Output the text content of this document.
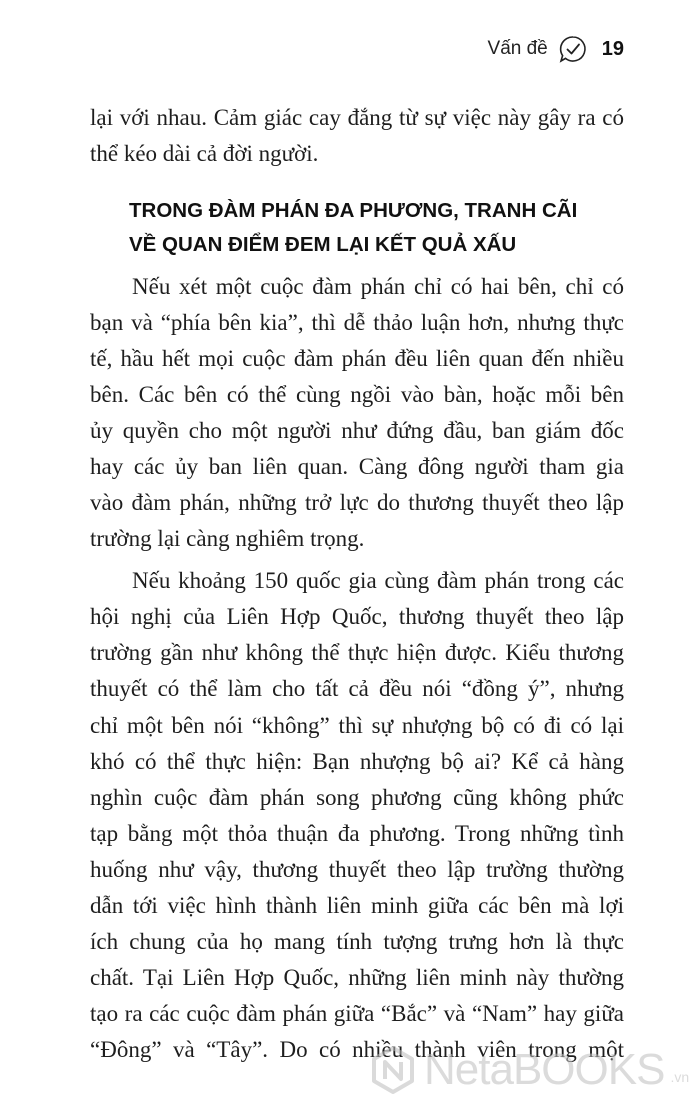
Vấn đề	19
lại với nhau. Cảm giác cay đắng từ sự việc này gây ra có
thể kéo dài cả đời người.
TRONG ĐÀM PHÁN ĐA PHƯƠNG, TRANH CÃI
VỀ QUAN ĐIỂM ĐEM LẠI KẾT QUẢ XẤU
Nếu xét một cuộc đàm phán chỉ có hai bên, chỉ có
bạn và “phía bên kia”, thì dễ thảo luận hơn, nhưng thực
tế, hầu hết mọi cuộc đàm phán đều liên quan đến nhiều
bên. Các bên có thể cùng ngồi vào bàn, hoặc mỗi bên
ủy quyền cho một người như đứng đầu, ban giám đốc
hay các ủy ban liên quan. Càng đông người tham gia
vào đàm phán, những trở lực do thương thuyết theo lập
trường lại càng nghiêm trọng.
Nếu khoảng 150 quốc gia cùng đàm phán trong các
hội nghị của Liên Hợp Quốc, thương thuyết theo lập
trường gần như không thể thực hiện được. Kiểu thương
thuyết có thể làm cho tất cả đều nói “đồng ý”, nhưng
chỉ một bên nói “không” thì sự nhượng bộ có đi có lại
khó có thể thực hiện: Bạn nhượng bộ ai? Kể cả hàng
nghìn cuộc đàm phán song phương cũng không phức
tạp bằng một thỏa thuận đa phương. Trong những tình
huống như vậy, thương thuyết theo lập trường thường
dẫn tới việc hình thành liên minh giữa các bên mà lợi
ích chung của họ mang tính tượng trưng hơn là thực
chất. Tại Liên Hợp Quốc, những liên minh này thường
tạo ra các cuộc đàm phán giữa “Bắc” và “Nam” hay giữa
“Đông” và “Tây”. Do có nhiều thành viên trong một
NetaBOOKS .vn
